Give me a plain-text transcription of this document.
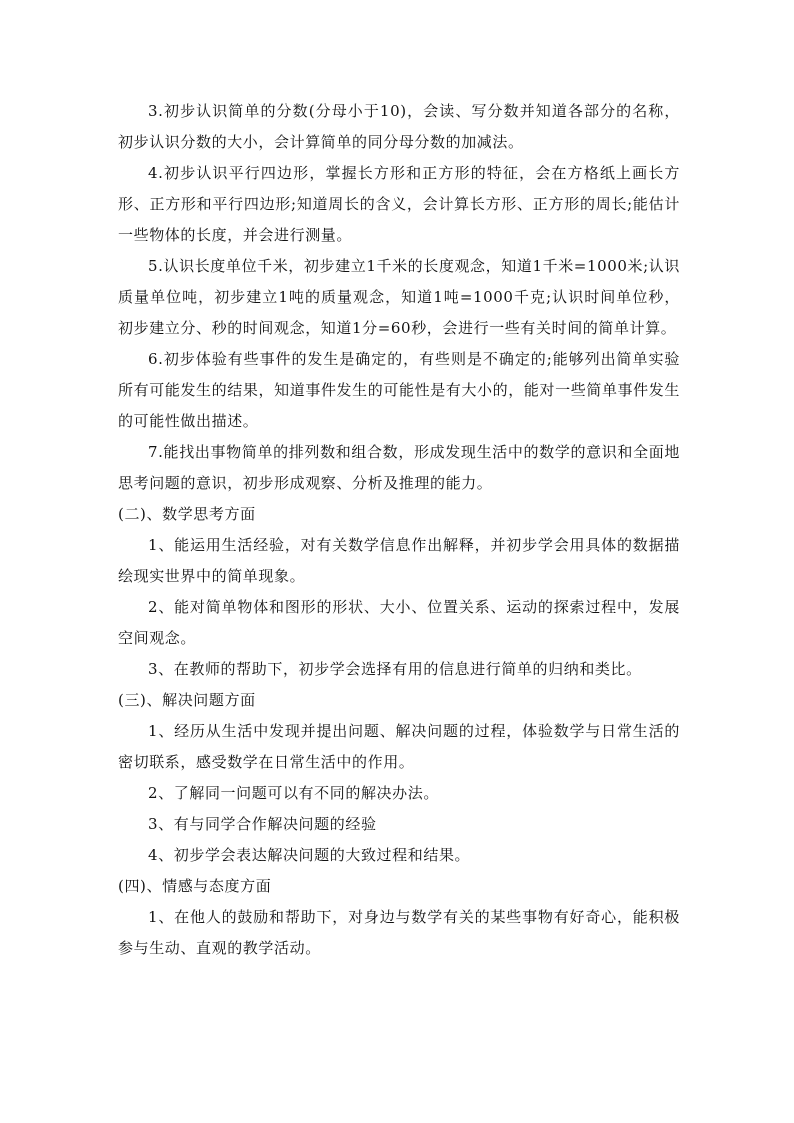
3.初步认识简单的分数(分母小于10)，会读、写分数并知道各部分的名称，初步认识分数的大小，会计算简单的同分母分数的加减法。

4.初步认识平行四边形，掌握长方形和正方形的特征，会在方格纸上画长方形、正方形和平行四边形;知道周长的含义，会计算长方形、正方形的周长;能估计一些物体的长度，并会进行测量。

5.认识长度单位千米，初步建立1千米的长度观念，知道1千米=1000米;认识质量单位吨，初步建立1吨的质量观念，知道1吨=1000千克;认识时间单位秒，初步建立分、秒的时间观念，知道1分=60秒，会进行一些有关时间的简单计算。

6.初步体验有些事件的发生是确定的，有些则是不确定的;能够列出简单实验所有可能发生的结果，知道事件发生的可能性是有大小的，能对一些简单事件发生的可能性做出描述。

7.能找出事物简单的排列数和组合数，形成发现生活中的数学的意识和全面地思考问题的意识，初步形成观察、分析及推理的能力。

(二)、数学思考方面

1、能运用生活经验，对有关数学信息作出解释，并初步学会用具体的数据描绘现实世界中的简单现象。

2、能对简单物体和图形的形状、大小、位置关系、运动的探索过程中，发展空间观念。

3、在教师的帮助下，初步学会选择有用的信息进行简单的归纳和类比。

(三)、解决问题方面

1、经历从生活中发现并提出问题、解决问题的过程，体验数学与日常生活的密切联系，感受数学在日常生活中的作用。

2、了解同一问题可以有不同的解决办法。

3、有与同学合作解决问题的经验

4、初步学会表达解决问题的大致过程和结果。

(四)、情感与态度方面

1、在他人的鼓励和帮助下，对身边与数学有关的某些事物有好奇心，能积极参与生动、直观的教学活动。
